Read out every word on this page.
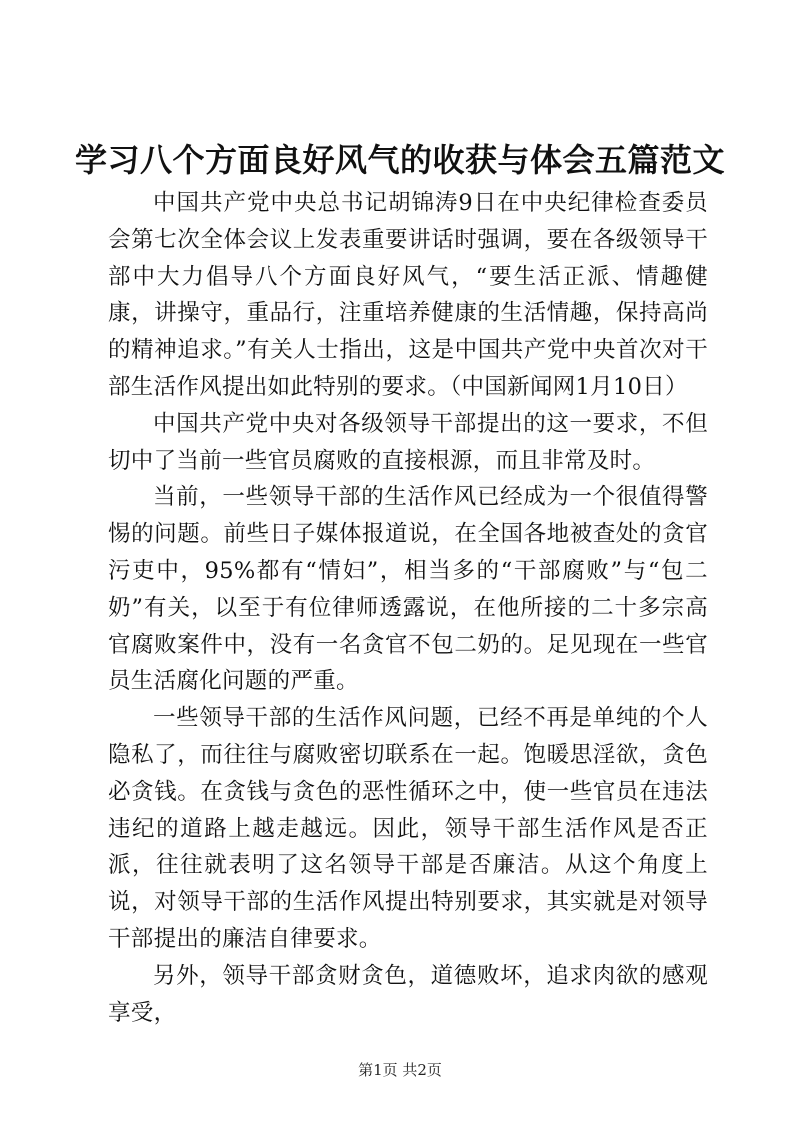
学习八个方面良好风气的收获与体会五篇范文

中国共产党中央总书记胡锦涛9日在中央纪律检查委员会第七次全体会议上发表重要讲话时强调，要在各级领导干部中大力倡导八个方面良好风气，“要生活正派、情趣健康，讲操守，重品行，注重培养健康的生活情趣，保持高尚的精神追求。”有关人士指出，这是中国共产党中央首次对干部生活作风提出如此特别的要求。（中国新闻网1月10日）

中国共产党中央对各级领导干部提出的这一要求，不但切中了当前一些官员腐败的直接根源，而且非常及时。

当前，一些领导干部的生活作风已经成为一个很值得警惕的问题。前些日子媒体报道说，在全国各地被查处的贪官污吏中，95%都有“情妇”，相当多的“干部腐败”与“包二奶”有关，以至于有位律师透露说，在他所接的二十多宗高官腐败案件中，没有一名贪官不包二奶的。足见现在一些官员生活腐化问题的严重。

一些领导干部的生活作风问题，已经不再是单纯的个人隐私了，而往往与腐败密切联系在一起。饱暖思淫欲，贪色必贪钱。在贪钱与贪色的恶性循环之中，使一些官员在违法违纪的道路上越走越远。因此，领导干部生活作风是否正派，往往就表明了这名领导干部是否廉洁。从这个角度上说，对领导干部的生活作风提出特别要求，其实就是对领导干部提出的廉洁自律要求。

另外，领导干部贪财贪色，道德败坏，追求肉欲的感观享受，

第1页 共2页
